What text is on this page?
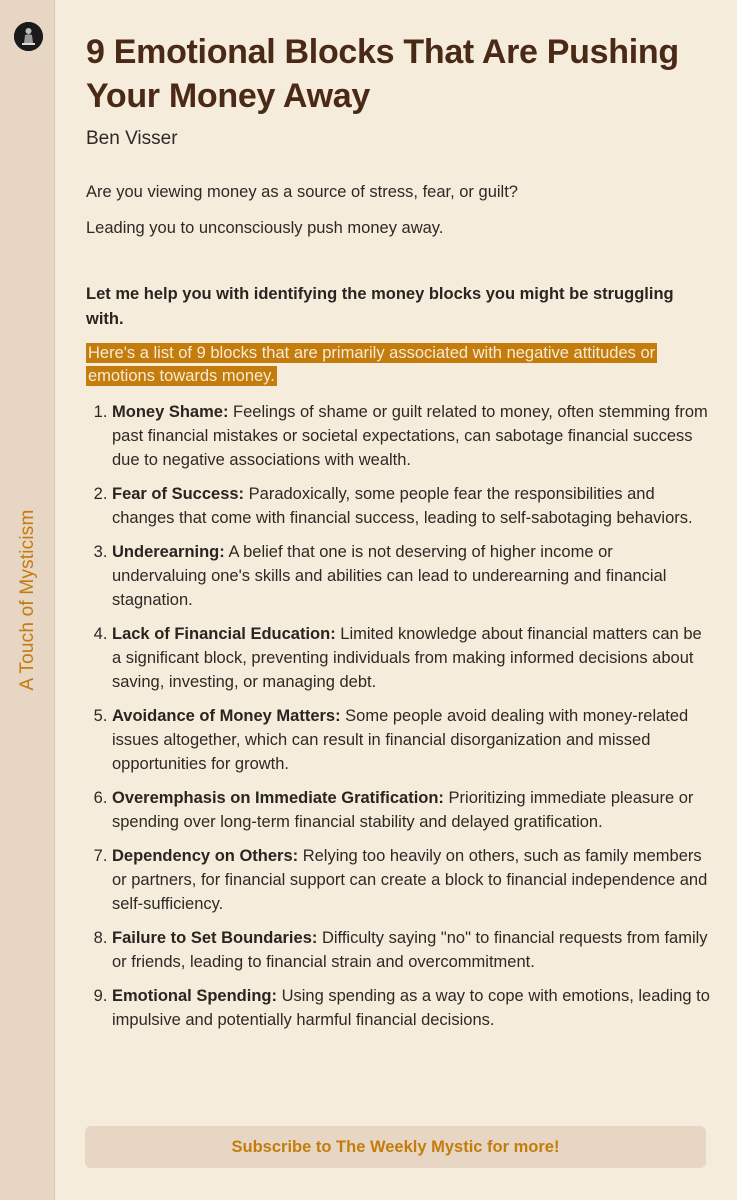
A Touch of Mysticism
9 Emotional Blocks That Are Pushing Your Money Away
Ben Visser

Are you viewing money as a source of stress, fear, or guilt?

Leading you to unconsciously push money away.

Let me help you with identifying the money blocks you might be struggling with.
Here's a list of 9 blocks that are primarily associated with negative attitudes or emotions towards money.
1. Money Shame: Feelings of shame or guilt related to money, often stemming from past financial mistakes or societal expectations, can sabotage financial success due to negative associations with wealth.
2. Fear of Success: Paradoxically, some people fear the responsibilities and changes that come with financial success, leading to self-sabotaging behaviors.
3. Underearning: A belief that one is not deserving of higher income or undervaluing one's skills and abilities can lead to underearning and financial stagnation.
4. Lack of Financial Education: Limited knowledge about financial matters can be a significant block, preventing individuals from making informed decisions about saving, investing, or managing debt.
5. Avoidance of Money Matters: Some people avoid dealing with money-related issues altogether, which can result in financial disorganization and missed opportunities for growth.
6. Overemphasis on Immediate Gratification: Prioritizing immediate pleasure or spending over long-term financial stability and delayed gratification.
7. Dependency on Others: Relying too heavily on others, such as family members or partners, for financial support can create a block to financial independence and self-sufficiency.
8. Failure to Set Boundaries: Difficulty saying "no" to financial requests from family or friends, leading to financial strain and overcommitment.
9. Emotional Spending: Using spending as a way to cope with emotions, leading to impulsive and potentially harmful financial decisions.
Subscribe to The Weekly Mystic for more!
